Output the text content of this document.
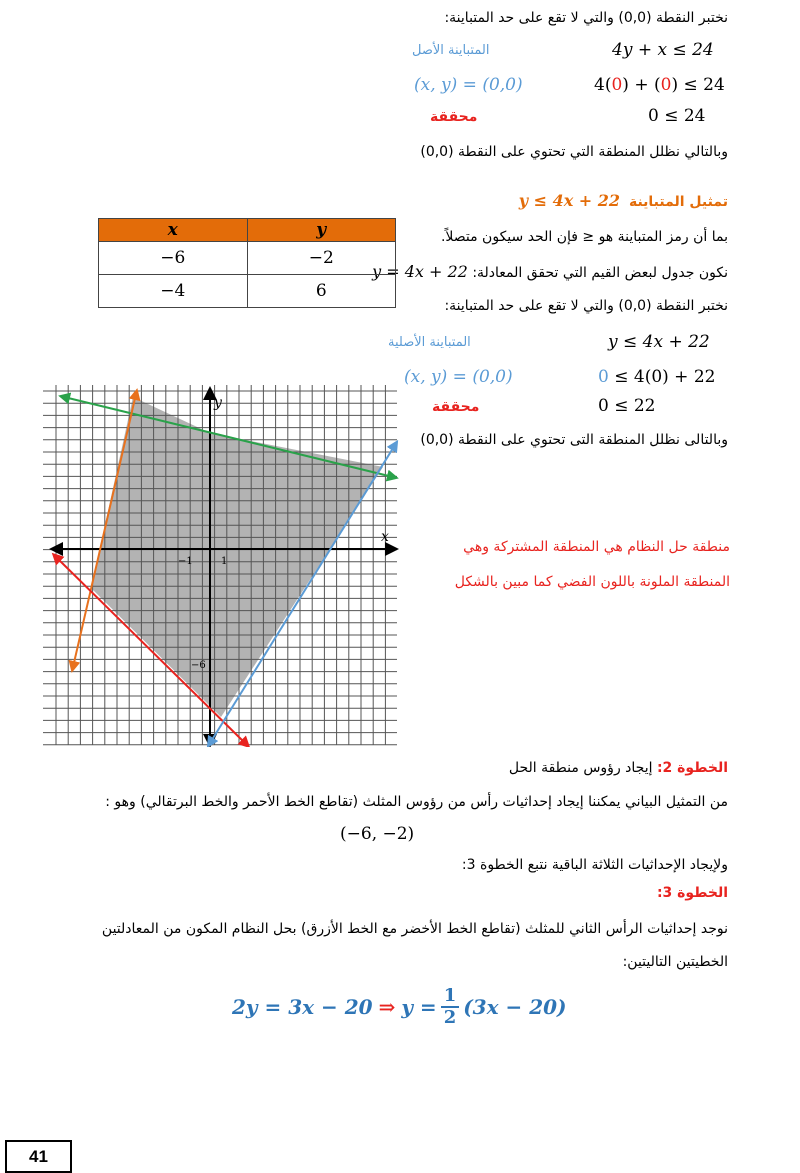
نختبر النقطة (0,0) والتي لا تقع على حد المتباينة:
المتباينة الأصل	4y + x ≤ 24
(x, y) = (0,0)	4(0) + (0) ≤ 24
محققة	0 ≤ 24
وبالتالي نظلل المنطقة التي تحتوي على النقطة (0,0)
تمثيل المتباينة  y ≤ 4x + 22
بما أن رمز المتباينة هو ≤ فإن الحد سيكون متصلاً.
نكون جدول لبعض القيم التي تحقق المعادلة: y = 4x + 22
نختبر النقطة (0,0) والتي لا تقع على حد المتباينة:
المتباينة الأصلية	y ≤ 4x + 22
(x, y) = (0,0)	0 ≤ 4(0) + 22
محققة	0 ≤ 22
وبالتالى نظلل المنطقة التى تحتوي على النقطة (0,0)
x	y
−6	−2
−4	6
x
y
−1	1
−6
منطقة حل النظام هي المنطقة المشتركة وهي
المنطقة الملونة باللون الفضي كما مبين بالشكل
الخطوة 2: إيجاد رؤوس منطقة الحل
من التمثيل البياني يمكننا إيجاد إحداثيات رأس من رؤوس المثلث (تقاطع الخط الأحمر والخط البرتقالي) وهو :
(−6, −2)
ولإيجاد الإحداثيات الثلاثة الباقية نتبع الخطوة 3:
الخطوة 3:
نوجد إحداثيات الرأس الثاني للمثلث (تقاطع الخط الأخضر مع الخط الأزرق) بحل النظام المكون من المعادلتين
الخطيتين التاليتين:
2y = 3x − 20 ⇒ $y = \frac{1}{2} (3x - 20)$
41
